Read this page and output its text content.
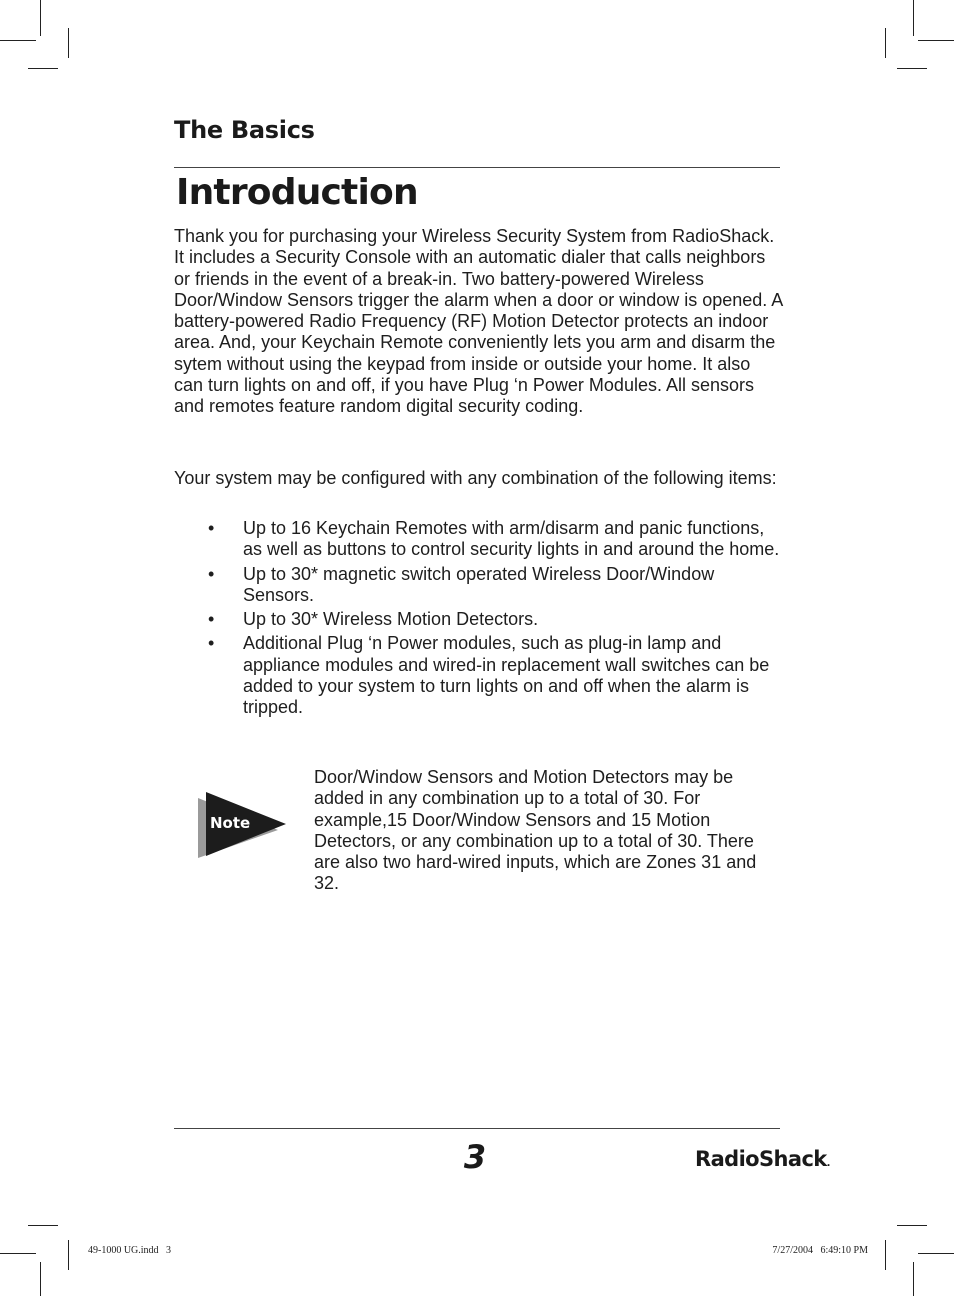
The Basics
Introduction

Thank you for purchasing your Wireless Security System from RadioShack. It includes a Security Console with an automatic dialer that calls neighbors or friends in the event of a break-in. Two battery-powered Wireless Door/Window Sensors trigger the alarm when a door or window is opened. A battery-powered Radio Frequency (RF) Motion Detector protects an indoor area. And, your Keychain Remote conveniently lets you arm and disarm the sytem without using the keypad from inside or outside your home. It also can turn lights on and off, if you have Plug ‘n Power Modules. All sensors and remotes feature random digital security coding.

Your system may be configured with any combination of the following items:

• Up to 16 Keychain Remotes with arm/disarm and panic functions, as well as buttons to control security lights in and around the home.
• Up to 30* magnetic switch operated Wireless Door/Window Sensors.
• Up to 30* Wireless Motion Detectors.
• Additional Plug ‘n Power modules, such as plug-in lamp and appliance modules and wired-in replacement wall switches can be added to your system to turn lights on and off when the alarm is tripped.
Note

Door/Window Sensors and Motion Detectors may be added in any combination up to a total of 30. For example,15 Door/Window Sensors and 15 Motion Detectors, or any combination up to a total of 30. There are also two hard-wired inputs, which are Zones 31 and 32.

3	RadioShack.
49-1000 UG.indd   3	7/27/2004   6:49:10 PM
